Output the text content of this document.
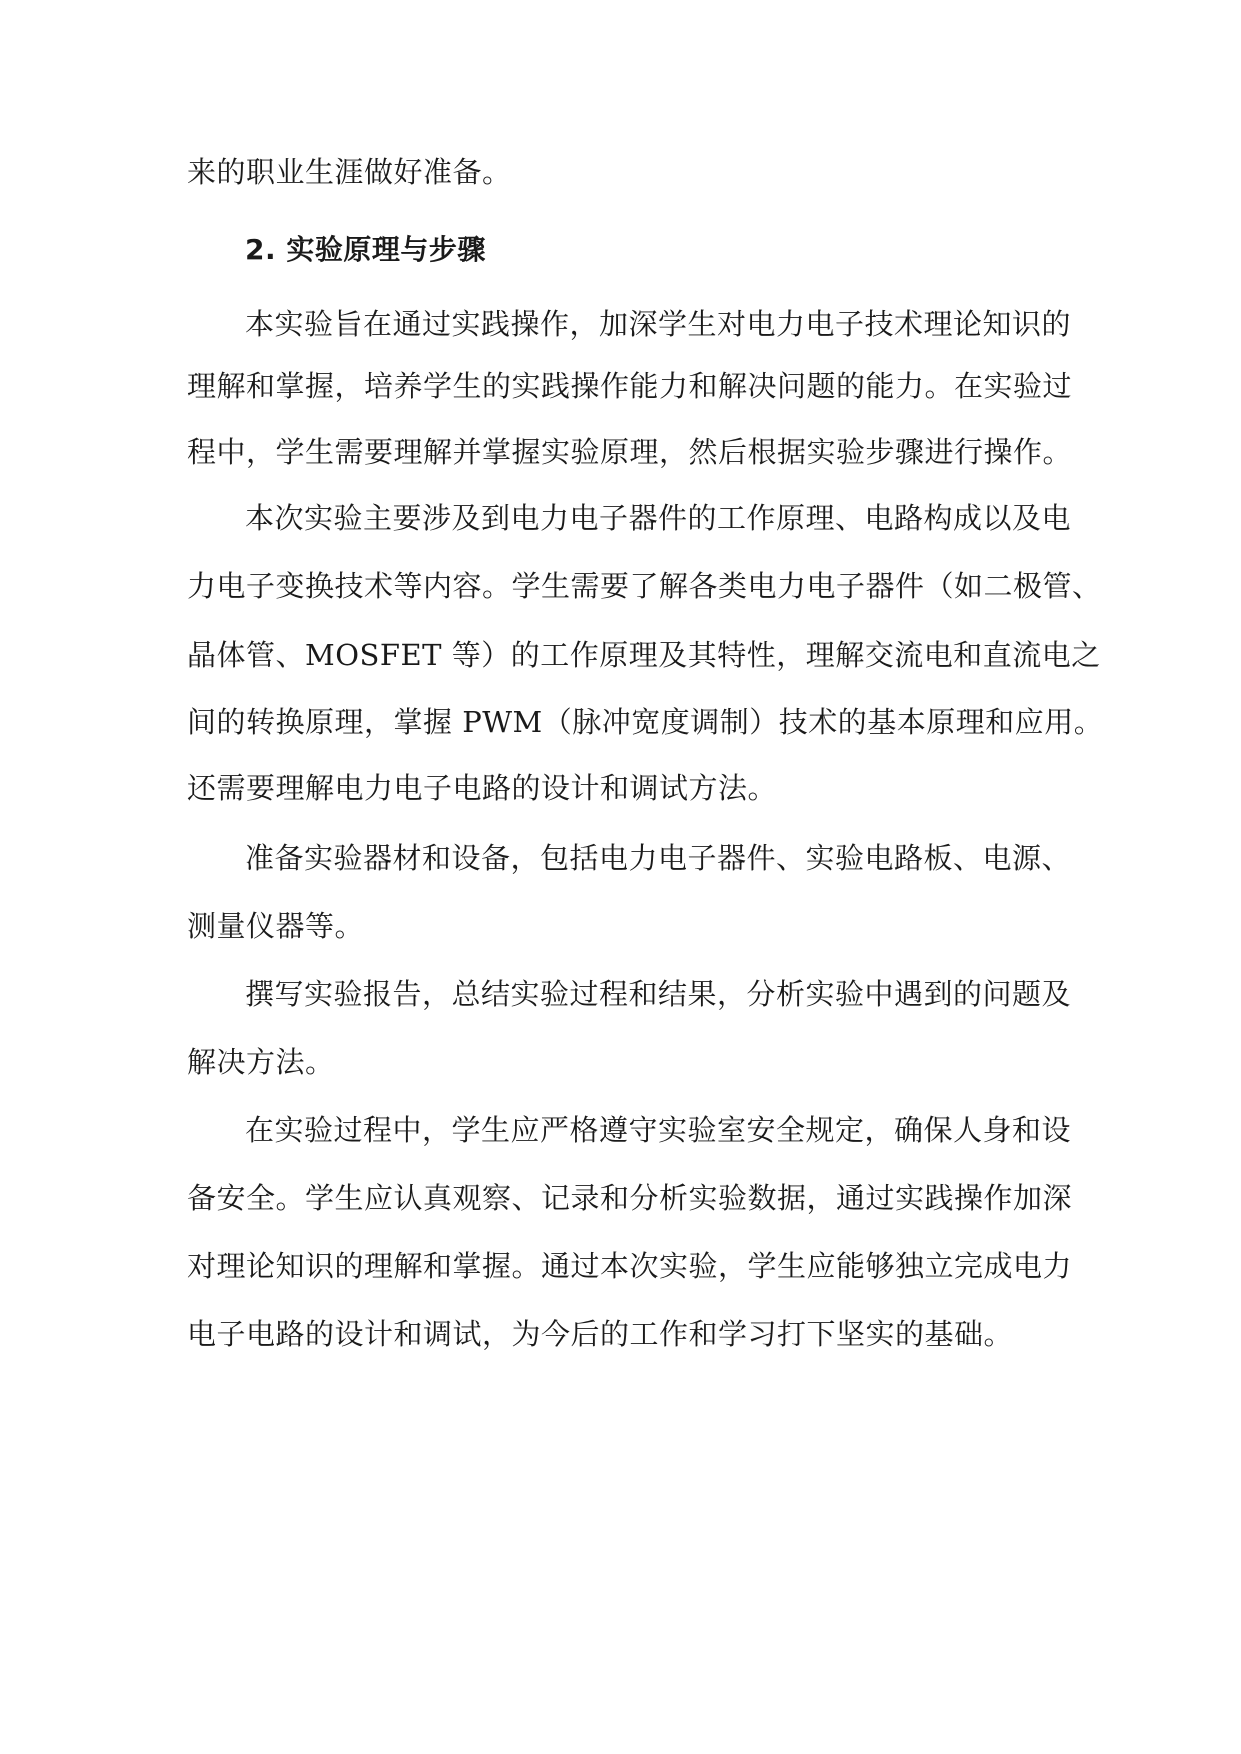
来的职业生涯做好准备。
2. 实验原理与步骤
本实验旨在通过实践操作，加深学生对电力电子技术理论知识的
理解和掌握，培养学生的实践操作能力和解决问题的能力。在实验过
程中，学生需要理解并掌握实验原理，然后根据实验步骤进行操作。
本次实验主要涉及到电力电子器件的工作原理、电路构成以及电
力电子变换技术等内容。学生需要了解各类电力电子器件（如二极管、
晶体管、MOSFET 等）的工作原理及其特性，理解交流电和直流电之
间的转换原理，掌握 PWM（脉冲宽度调制）技术的基本原理和应用。
还需要理解电力电子电路的设计和调试方法。
准备实验器材和设备，包括电力电子器件、实验电路板、电源、
测量仪器等。
撰写实验报告，总结实验过程和结果，分析实验中遇到的问题及
解决方法。
在实验过程中，学生应严格遵守实验室安全规定，确保人身和设
备安全。学生应认真观察、记录和分析实验数据，通过实践操作加深
对理论知识的理解和掌握。通过本次实验，学生应能够独立完成电力
电子电路的设计和调试，为今后的工作和学习打下坚实的基础。
